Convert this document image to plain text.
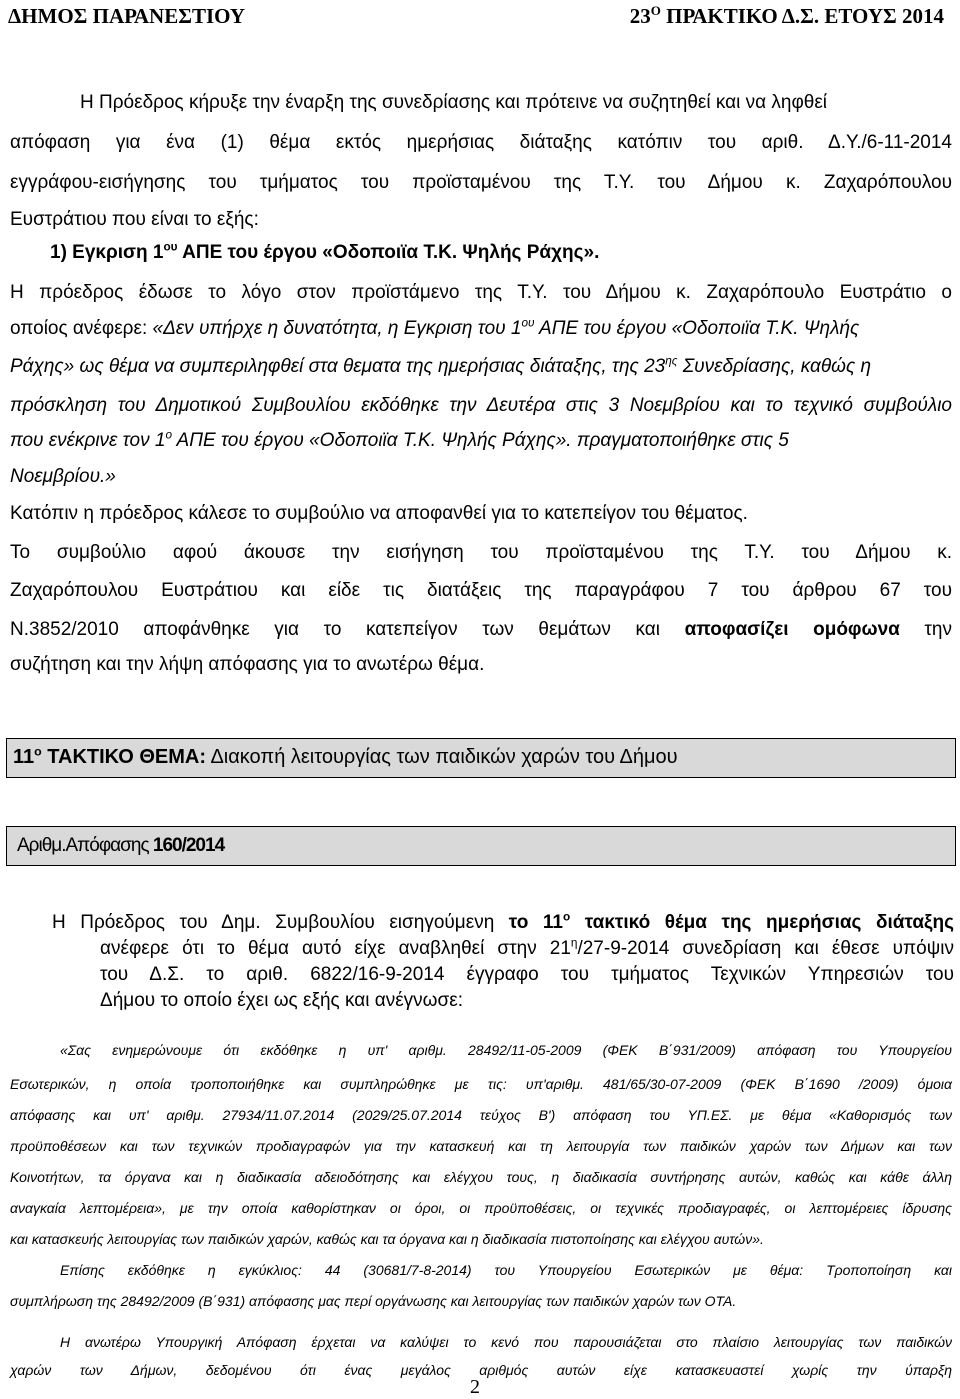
ΔΗΜΟΣ ΠΑΡΑΝΕΣΤΙΟΥ	$23^O$ ΠΡΑΚΤΙΚΟ Δ.Σ. ΕΤΟΥΣ 2014
Η Πρόεδρος κήρυξε την έναρξη της συνεδρίασης και πρότεινε να συζητηθεί και να ληφθεί
απόφαση για ένα (1) θέμα εκτός ημερήσιας διάταξης κατόπιν του αριθ. Δ.Υ./6-11-2014
εγγράφου-εισήγησης του τμήματος του προϊσταμένου της Τ.Υ. του Δήμου κ. Ζαχαρόπουλου
Ευστράτιου που είναι το εξής:
1) Εγκριση $1^{o\upsilon}$ ΑΠΕ του έργου «Οδοποιϊα Τ.Κ. Ψηλής Ράχης».
Η πρόεδρος έδωσε το λόγο στον προϊστάμενο της Τ.Υ. του Δήμου κ. Ζαχαρόπουλο Ευστράτιο ο
οποίος ανέφερε: «Δεν υπήρχε η δυνατότητα, η Εγκριση του $1^{o\upsilon}$ ΑΠΕ του έργου «Οδοποιϊα Τ.Κ. Ψηλής
Ράχης» ως θέμα να συμπεριληφθεί στα θεματα της ημερήσιας διάταξης, της $23^{\eta\varsigma}$ Συνεδρίασης, καθώς η
πρόσκληση του Δημοτικού Συμβουλίου εκδόθηκε την Δευτέρα στις 3 Νοεμβρίου και το τεχνικό συμβούλιο
που ενέκρινε τον $1^o$ ΑΠΕ του έργου «Οδοποιϊα Τ.Κ. Ψηλής Ράχης». πραγματοποιήθηκε στις 5
Νοεμβρίου.»
Κατόπιν η πρόεδρος κάλεσε το συμβούλιο να αποφανθεί για το κατεπείγον του θέματος.
Το συμβούλιο αφού άκουσε την εισήγηση του προϊσταμένου της Τ.Υ. του Δήμου κ.
Ζαχαρόπουλου Ευστράτιου και είδε τις διατάξεις της παραγράφου 7 του άρθρου 67 του
Ν.3852/2010 αποφάνθηκε για το κατεπείγον των θεμάτων και αποφασίζει ομόφωνα την
συζήτηση και την λήψη απόφασης για το ανωτέρω θέμα.
$11^o$ ΤΑΚΤΙΚΟ ΘΕΜΑ: Διακοπή λειτουργίας των παιδικών χαρών του Δήμου
Αριθμ.Απόφασης 160/2014
Η Πρόεδρος του Δημ. Συμβουλίου εισηγούμενη το $11^o$ τακτικό θέμα της ημερήσιας διάταξης
ανέφερε ότι το θέμα αυτό είχε αναβληθεί στην $21^\eta/27-9-2014$ συνεδρίαση και έθεσε υπόψιν
του Δ.Σ. το αριθ. 6822/16-9-2014 έγγραφο του τμήματος Τεχνικών Υπηρεσιών του
Δήμου το οποίο έχει ως εξής και ανέγνωσε:
«Σας ενημερώνουμε ότι εκδόθηκε η υπ' αριθμ. 28492/11-05-2009 (ΦΕΚ Β΄931/2009) απόφαση του Υπουργείου
Εσωτερικών, η οποία τροποποιήθηκε και συμπληρώθηκε με τις: υπ'αριθμ. 481/65/30-07-2009 (ΦΕΚ Β΄1690 /2009) όμοια
απόφασης και υπ' αριθμ. 27934/11.07.2014 (2029/25.07.2014 τεύχος Β') απόφαση του ΥΠ.ΕΣ. με θέμα «Καθορισμός των
προϋποθέσεων και των τεχνικών προδιαγραφών για την κατασκευή και τη λειτουργία των παιδικών χαρών των Δήμων και των
Κοινοτήτων, τα όργανα και η διαδικασία αδειοδότησης και ελέγχου τους, η διαδικασία συντήρησης αυτών, καθώς και κάθε άλλη
αναγκαία λεπτομέρεια», με την οποία καθορίστηκαν οι όροι, οι προϋποθέσεις, οι τεχνικές προδιαγραφές, οι λεπτομέρειες ίδρυσης
και κατασκευής λειτουργίας των παιδικών χαρών, καθώς και τα όργανα και η διαδικασία πιστοποίησης και ελέγχου αυτών».
Επίσης εκδόθηκε η εγκύκλιος: 44 (30681/7-8-2014) του Υπουργείου Εσωτερικών με θέμα: Τροποποίηση και
συμπλήρωση της 28492/2009 (Β΄931) απόφασης μας περί οργάνωσης και λειτουργίας των παιδικών χαρών των ΟΤΑ.
Η ανωτέρω Υπουργική Απόφαση έρχεται να καλύψει το κενό που παρουσιάζεται στο πλαίσιο λειτουργίας των παιδικών
χαρών των Δήμων, δεδομένου ότι ένας μεγάλος αριθμός αυτών είχε κατασκευαστεί χωρίς την ύπαρξη
2
